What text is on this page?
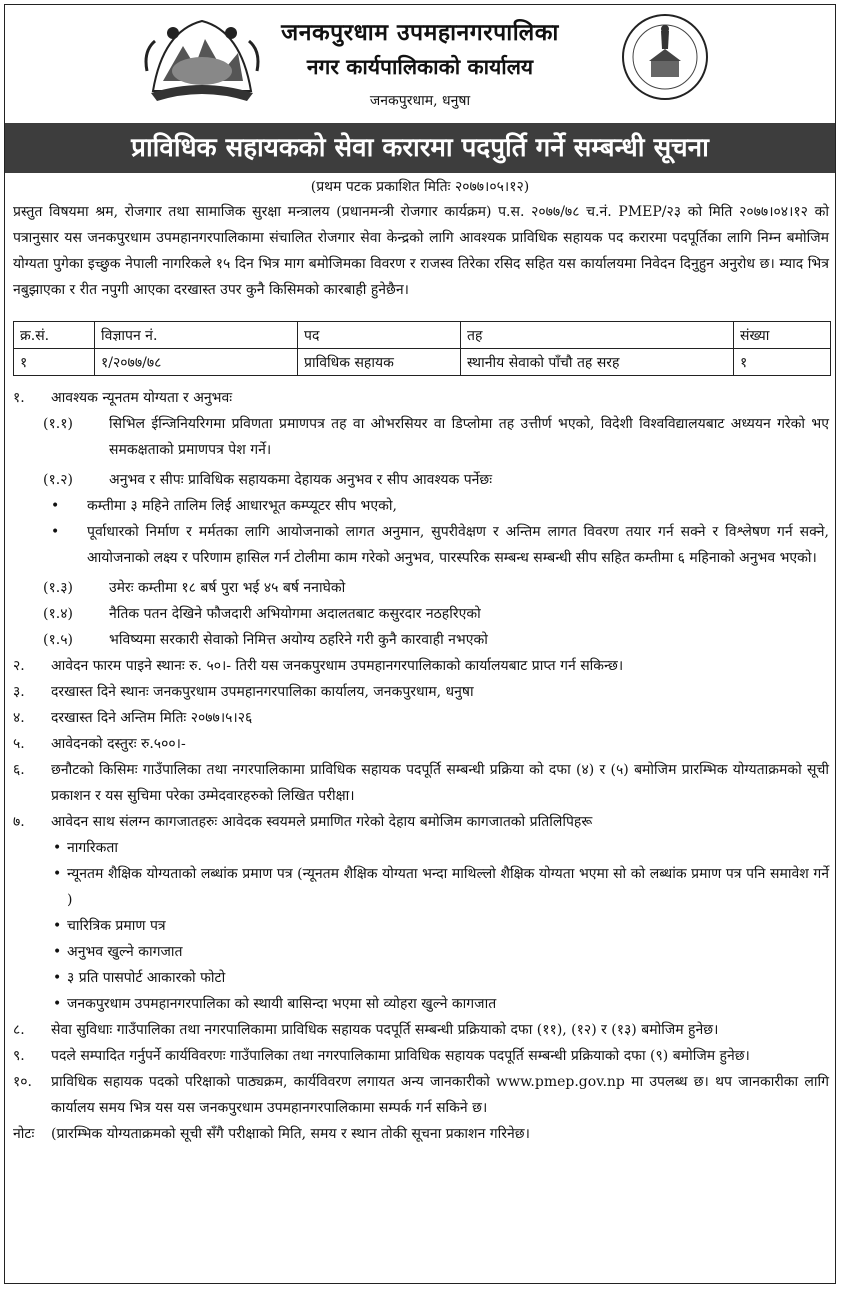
जनकपुरधाम उपमहानगरपालिका
नगर कार्यपालिकाको कार्यालय
जनकपुरधाम, धनुषा
प्राविधिक सहायकको सेवा करारमा पदपुर्ति गर्ने सम्बन्धी सूचना
(प्रथम पटक प्रकाशित मितिः २०७७।०५।१२)
प्रस्तुत विषयमा श्रम, रोजगार तथा सामाजिक सुरक्षा मन्त्रालय (प्रधानमन्त्री रोजगार कार्यक्रम) प.स. २०७७/७८ च.नं. PMEP/२३ को मिति २०७७।०४।१२ को पत्रानुसार यस जनकपुरधाम उपमहानगरपालिकामा संचालित रोजगार सेवा केन्द्रको लागि आवश्यक प्राविधिक सहायक पद करारमा पदपूर्तिका लागि निम्न बमोजिम योग्यता पुगेका इच्छुक नेपाली नागरिकले १५ दिन भित्र माग बमोजिमका विवरण र राजस्व तिरेका रसिद सहित यस कार्यालयमा निवेदन दिनुहुन अनुरोध छ। म्याद भित्र नबुझाएका र रीत नपुगी आएका दरखास्त उपर कुनै किसिमको कारबाही हुनेछैन।
क्र.सं.	विज्ञापन नं.	पद	तह	संख्या
१	१/२०७७/७८	प्राविधिक सहायक	स्थानीय सेवाको पाँचौ तह सरह	१
१. आवश्यक न्यूनतम योग्यता र अनुभवः
(१.१)	सिभिल ईन्जिनियरिगमा प्रविणता प्रमाणपत्र तह वा ओभरसियर वा डिप्लोमा तह उत्तीर्ण भएको, विदेशी विश्वविद्यालयबाट अध्ययन गरेको भए समकक्षताको प्रमाणपत्र पेश गर्ने।
(१.२)	अनुभव र सीपः प्राविधिक सहायकमा देहायक अनुभव र सीप आवश्यक पर्नेछः
• कम्तीमा ३ महिने तालिम लिई आधारभूत कम्प्यूटर सीप भएको,
• पूर्वाधारको निर्माण र मर्मतका लागि आयोजनाको लागत अनुमान, सुपरीवेक्षण र अन्तिम लागत विवरण तयार गर्न सक्ने र विश्लेषण गर्न सक्ने, आयोजनाको लक्ष्य र परिणाम हासिल गर्न टोलीमा काम गरेको अनुभव, पारस्परिक सम्बन्ध सम्बन्धी सीप सहित कम्तीमा ६ महिनाको अनुभव भएको।
(१.३)	उमेरः कम्तीमा १८ बर्ष पुरा भई ४५ बर्ष ननाघेको
(१.४)	नैतिक पतन देखिने फौजदारी अभियोगमा अदालतबाट कसुरदार नठहरिएको
(१.५)	भविष्यमा सरकारी सेवाको निमित्त अयोग्य ठहरिने गरी कुनै कारवाही नभएको
२. आवेदन फारम पाइने स्थानः रु. ५०।- तिरी यस जनकपुरधाम उपमहानगरपालिकाको कार्यालयबाट प्राप्त गर्न सकिन्छ।
३. दरखास्त दिने स्थानः जनकपुरधाम उपमहानगरपालिका कार्यालय, जनकपुरधाम, धनुषा
४. दरखास्त दिने अन्तिम मितिः २०७७।५।२६
५. आवेदनको दस्तुरः रु.५००।-
६. छनौटको किसिमः गाउँपालिका तथा नगरपालिकामा प्राविधिक सहायक पदपूर्ति सम्बन्धी प्रक्रिया को दफा (४) र (५) बमोजिम प्रारम्भिक योग्यताक्रमको सूची प्रकाशन र यस सुचिमा परेका उम्मेदवारहरुको लिखित परीक्षा।
७. आवेदन साथ संलग्न कागजातहरुः आवेदक स्वयमले प्रमाणित गरेको देहाय बमोजिम कागजातको प्रतिलिपिहरू
• नागरिकता
• न्यूनतम शैक्षिक योग्यताको लब्धांक प्रमाण पत्र (न्यूनतम शैक्षिक योग्यता भन्दा माथिल्लो शैक्षिक योग्यता भएमा सो को लब्धांक प्रमाण पत्र पनि समावेश गर्ने )
• चारित्रिक प्रमाण पत्र
• अनुभव खुल्ने कागजात
• ३ प्रति पासपोर्ट आकारको फोटो
• जनकपुरधाम उपमहानगरपालिका को स्थायी बासिन्दा भएमा सो व्योहरा खुल्ने कागजात
८. सेवा सुविधाः गाउँपालिका तथा नगरपालिकामा प्राविधिक सहायक पदपूर्ति सम्बन्धी प्रक्रियाको दफा (११), (१२) र (१३) बमोजिम हुनेछ।
९. पदले सम्पादित गर्नुपर्ने कार्यविवरणः गाउँपालिका तथा नगरपालिकामा प्राविधिक सहायक पदपूर्ति सम्बन्धी प्रक्रियाको दफा (९) बमोजिम हुनेछ।
१०. प्राविधिक सहायक पदको परिक्षाको पाठ्यक्रम, कार्यविवरण लगायत अन्य जानकारीको www.pmep.gov.np मा उपलब्ध छ। थप जानकारीका लागि कार्यालय समय भित्र यस यस जनकपुरधाम उपमहानगरपालिकामा सम्पर्क गर्न सकिने छ।
नोटः (प्रारम्भिक योग्यताक्रमको सूची सँगै परीक्षाको मिति, समय र स्थान तोकी सूचना प्रकाशन गरिनेछ।
